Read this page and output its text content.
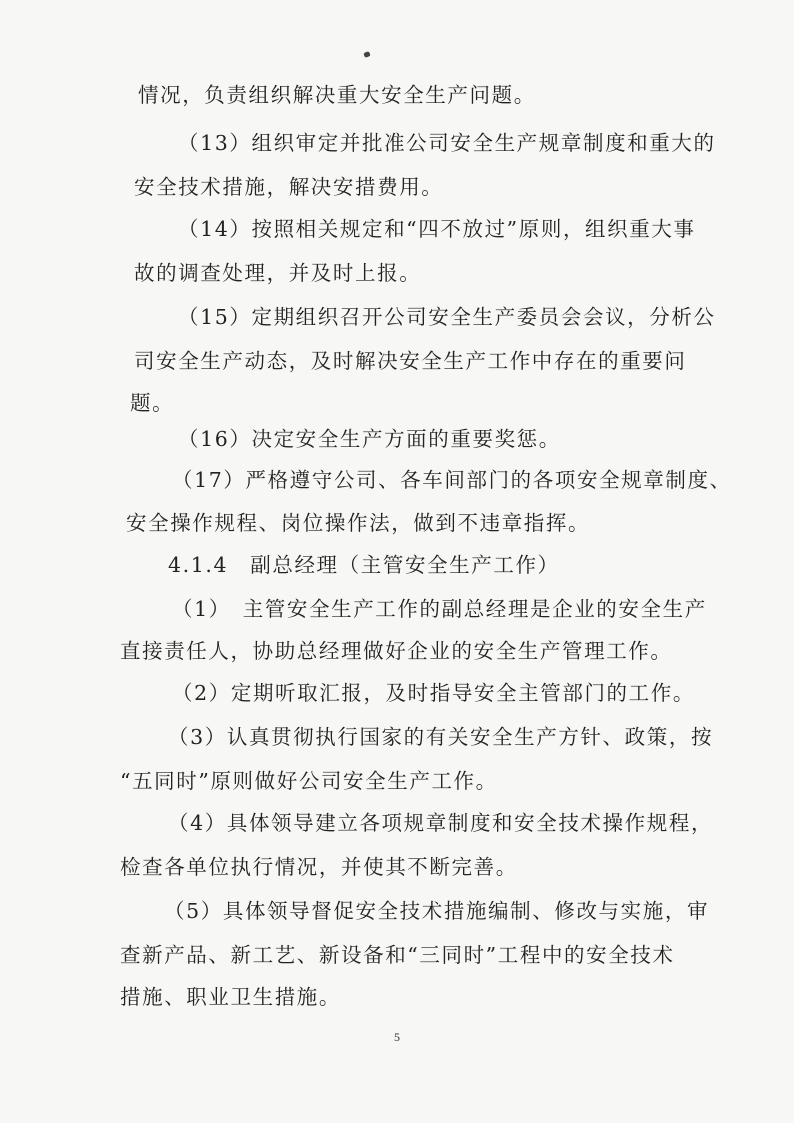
情况，负责组织解决重大安全生产问题。
（13）组织审定并批准公司安全生产规章制度和重大的
安全技术措施，解决安措费用。
（14）按照相关规定和“四不放过”原则，组织重大事
故的调查处理，并及时上报。
（15）定期组织召开公司安全生产委员会会议，分析公
司安全生产动态，及时解决安全生产工作中存在的重要问
题。
（16）决定安全生产方面的重要奖惩。
（17）严格遵守公司、各车间部门的各项安全规章制度、
安全操作规程、岗位操作法，做到不违章指挥。
4.1.4　副总经理（主管安全生产工作）
（1）　主管安全生产工作的副总经理是企业的安全生产
直接责任人，协助总经理做好企业的安全生产管理工作。
（2）定期听取汇报，及时指导安全主管部门的工作。
（3）认真贯彻执行国家的有关安全生产方针、政策，按
“五同时”原则做好公司安全生产工作。
（4）具体领导建立各项规章制度和安全技术操作规程，
检查各单位执行情况，并使其不断完善。
（5）具体领导督促安全技术措施编制、修改与实施，审
查新产品、新工艺、新设备和“三同时”工程中的安全技术
措施、职业卫生措施。
5
